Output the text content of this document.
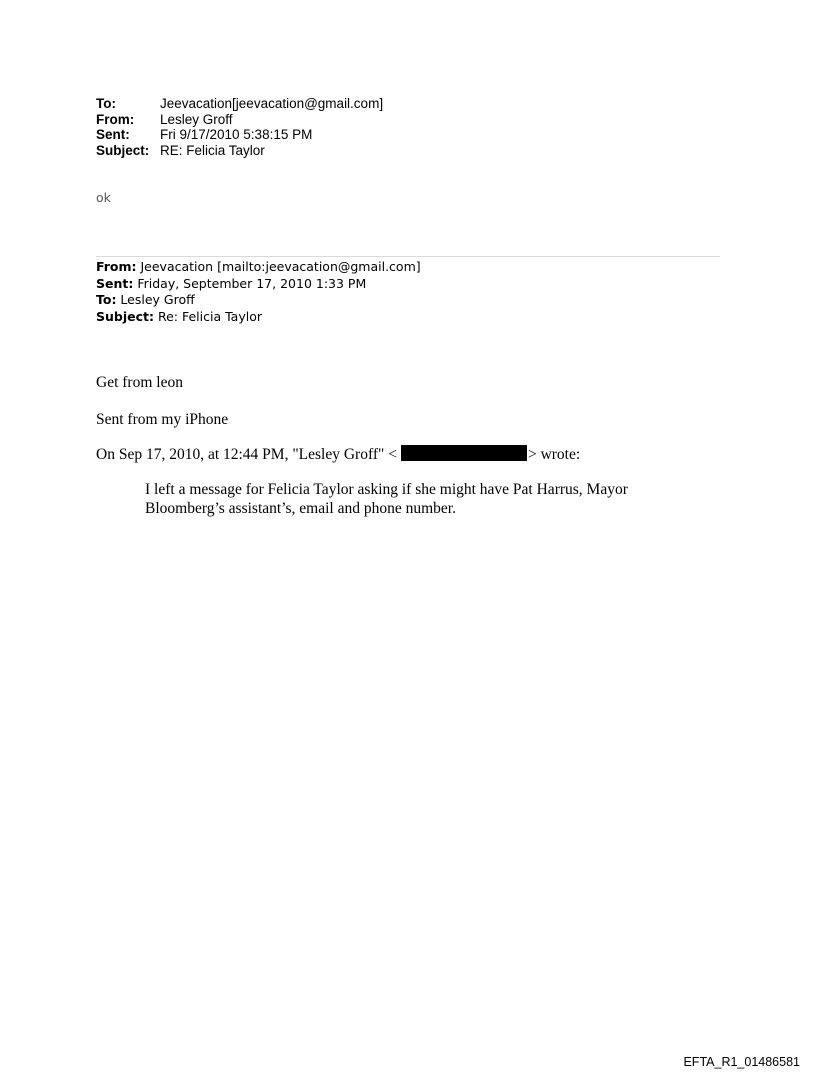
To:	Jeevacation[jeevacation@gmail.com]
From:	Lesley Groff
Sent:	Fri 9/17/2010 5:38:15 PM
Subject: RE: Felicia Taylor
ok
From: Jeevacation [mailto:jeevacation@gmail.com]
Sent: Friday, September 17, 2010 1:33 PM
To: Lesley Groff
Subject: Re: Felicia Taylor
Get from leon
Sent from my iPhone
On Sep 17, 2010, at 12:44 PM, "Lesley Groff" <	> wrote:
I left a message for Felicia Taylor asking if she might have Pat Harrus, Mayor Bloomberg’s assistant’s, email and phone number.
EFTA_R1_01486581
